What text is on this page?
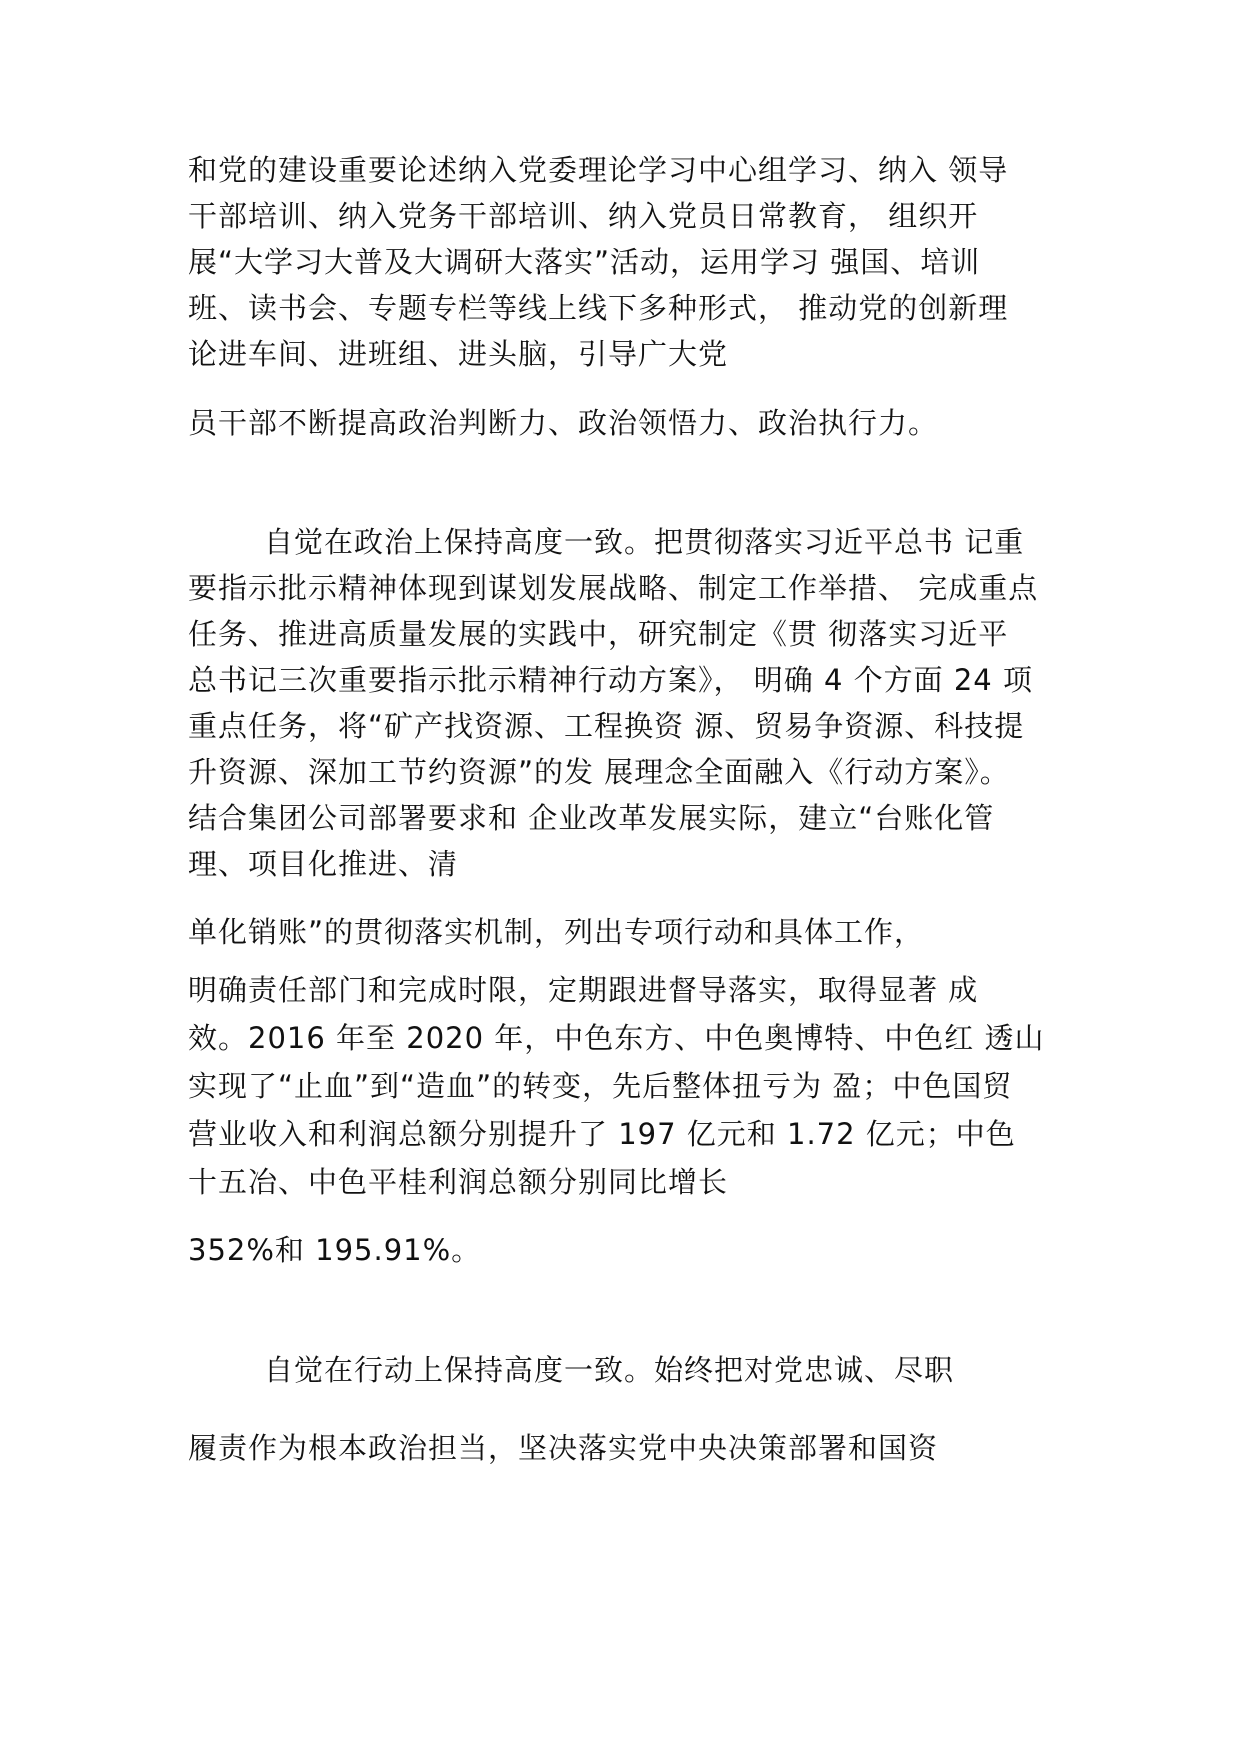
和党的建设重要论述纳入党委理论学习中心组学习、纳入 领导
干部培训、纳入党务干部培训、纳入党员日常教育， 组织开
展“大学习大普及大调研大落实”活动，运用学习 强国、培训
班、读书会、专题专栏等线上线下多种形式， 推动党的创新理
论进车间、进班组、进头脑，引导广大党
员干部不断提高政治判断力、政治领悟力、政治执行力。
自觉在政治上保持高度一致。把贯彻落实习近平总书 记重
要指示批示精神体现到谋划发展战略、制定工作举措、 完成重点
任务、推进高质量发展的实践中，研究制定《贯 彻落实习近平
总书记三次重要指示批示精神行动方案》， 明确 4 个方面 24 项
重点任务，将“矿产找资源、工程换资 源、贸易争资源、科技提
升资源、深加工节约资源”的发 展理念全面融入《行动方案》。
结合集团公司部署要求和 企业改革发展实际，建立“台账化管
理、项目化推进、清
单化销账”的贯彻落实机制，列出专项行动和具体工作，
明确责任部门和完成时限，定期跟进督导落实，取得显著 成
效。2016 年至 2020 年，中色东方、中色奥博特、中色红 透山
实现了“止血”到“造血”的转变，先后整体扭亏为 盈；中色国贸
营业收入和利润总额分别提升了 197 亿元和 1.72 亿元；中色
十五冶、中色平桂利润总额分别同比增长
352%和 195.91%。
自觉在行动上保持高度一致。始终把对党忠诚、尽职
履责作为根本政治担当，坚决落实党中央决策部署和国资
